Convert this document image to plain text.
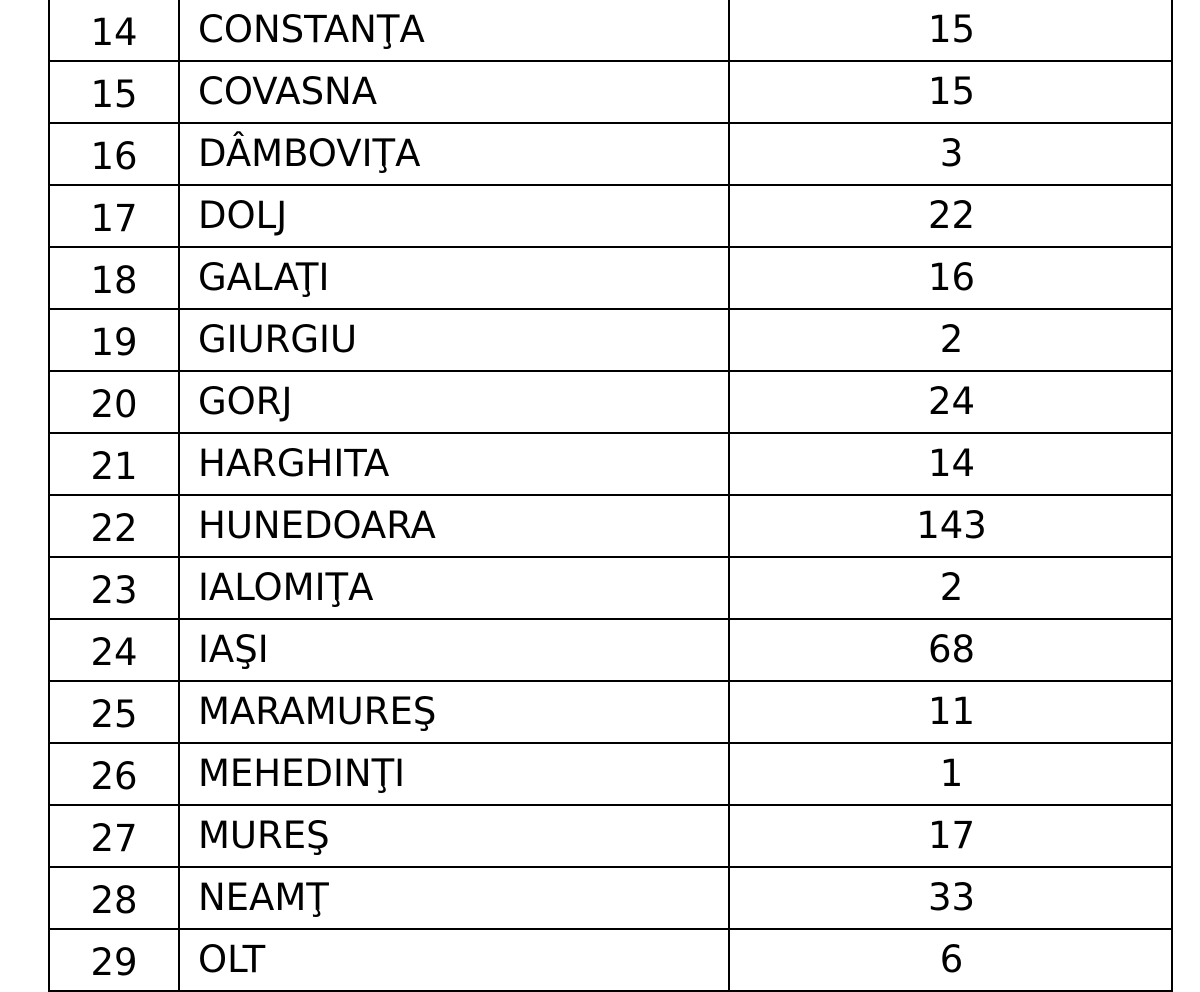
14	CONSTANŢA	15
15	COVASNA	15
16	DÂMBOVIŢA	3
17	DOLJ	22
18	GALAŢI	16
19	GIURGIU	2
20	GORJ	24
21	HARGHITA	14
22	HUNEDOARA	143
23	IALOMIŢA	2
24	IAŞI	68
25	MARAMUREŞ	11
26	MEHEDINŢI	1
27	MUREŞ	17
28	NEAMŢ	33
29	OLT	6
